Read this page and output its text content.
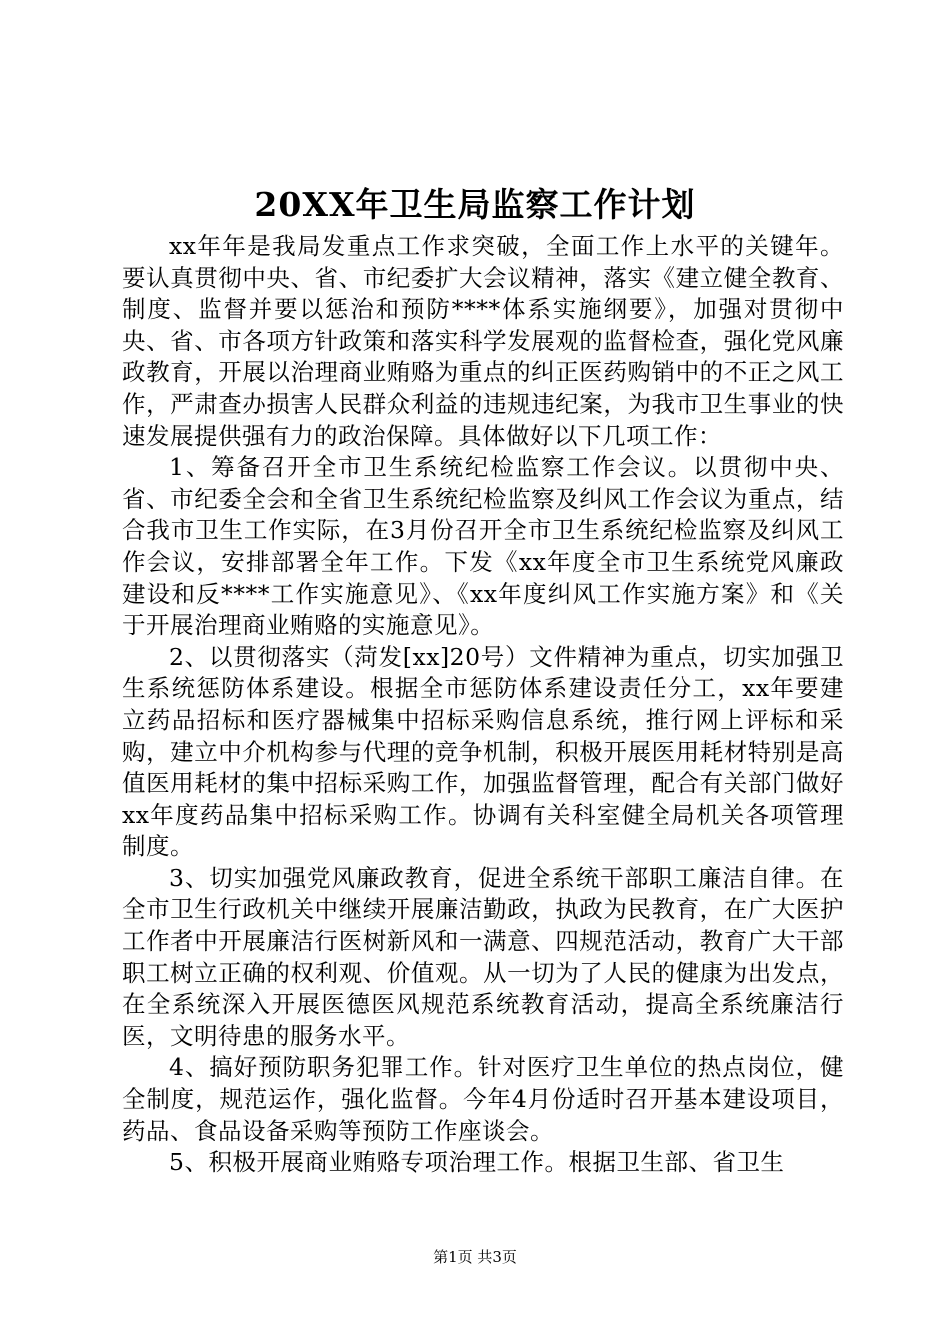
20XX年卫生局监察工作计划

xx年年是我局发重点工作求突破，全面工作上水平的关键年。要认真贯彻中央、省、市纪委扩大会议精神，落实《建立健全教育、制度、监督并要以惩治和预防****体系实施纲要》，加强对贯彻中央、省、市各项方针政策和落实科学发展观的监督检查，强化党风廉政教育，开展以治理商业贿赂为重点的纠正医药购销中的不正之风工作，严肃查办损害人民群众利益的违规违纪案，为我市卫生事业的快速发展提供强有力的政治保障。具体做好以下几项工作：

1、筹备召开全市卫生系统纪检监察工作会议。以贯彻中央、省、市纪委全会和全省卫生系统纪检监察及纠风工作会议为重点，结合我市卫生工作实际，在3月份召开全市卫生系统纪检监察及纠风工作会议，安排部署全年工作。下发《xx年度全市卫生系统党风廉政建设和反****工作实施意见》、《xx年度纠风工作实施方案》和《关于开展治理商业贿赂的实施意见》。

2、以贯彻落实（菏发[xx]20号）文件精神为重点，切实加强卫生系统惩防体系建设。根据全市惩防体系建设责任分工，xx年要建立药品招标和医疗器械集中招标采购信息系统，推行网上评标和采购，建立中介机构参与代理的竞争机制，积极开展医用耗材特别是高值医用耗材的集中招标采购工作，加强监督管理，配合有关部门做好xx年度药品集中招标采购工作。协调有关科室健全局机关各项管理制度。

3、切实加强党风廉政教育，促进全系统干部职工廉洁自律。在全市卫生行政机关中继续开展廉洁勤政，执政为民教育，在广大医护工作者中开展廉洁行医树新风和一满意、四规范活动，教育广大干部职工树立正确的权利观、价值观。从一切为了人民的健康为出发点，在全系统深入开展医德医风规范系统教育活动，提高全系统廉洁行医，文明待患的服务水平。

4、搞好预防职务犯罪工作。针对医疗卫生单位的热点岗位，健全制度，规范运作，强化监督。今年4月份适时召开基本建设项目，药品、食品设备采购等预防工作座谈会。

5、积极开展商业贿赂专项治理工作。根据卫生部、省卫生

第1页 共3页
